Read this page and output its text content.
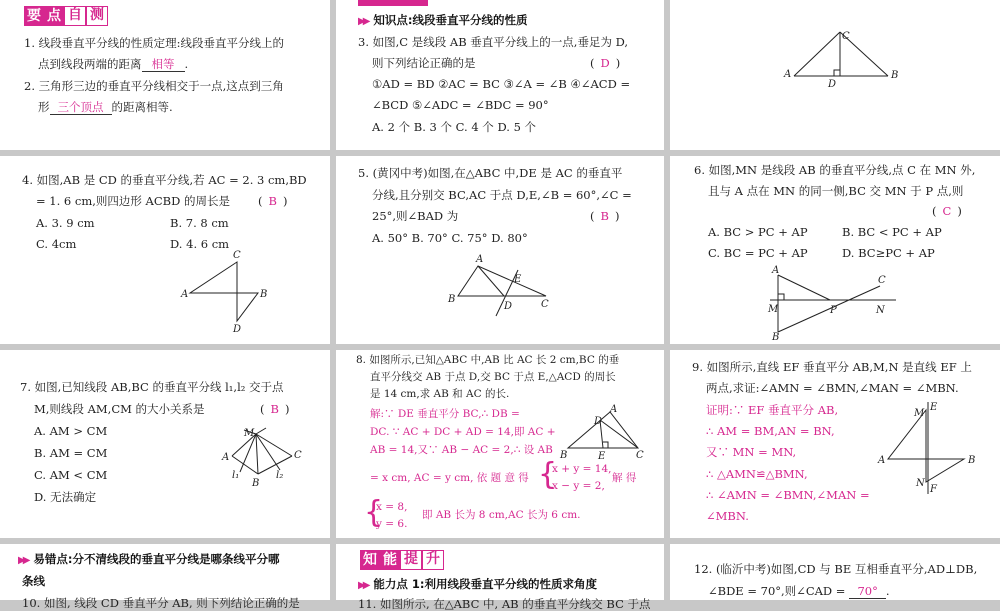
要 点 自 测
1. 线段垂直平分线的性质定理:线段垂直平分线上的
点到线段两端的距离 相等 .
2. 三角形三边的垂直平分线相交于一点,这点到三角
形 三个顶点 的距离相等.
▶▶ 知识点:线段垂直平分线的性质
3. 如图,C 是线段 AB 垂直平分线上的一点,垂足为 D,
则下列结论正确的是	( D )
①AD = BD ②AC = BC ③∠A = ∠B ④∠ACD =
∠BCD ⑤∠ADC = ∠BDC = 90°
A. 2 个 B. 3 个 C. 4 个 D. 5 个
C
A
D
B
4. 如图,AB 是 CD 的垂直平分线,若 AC = 2. 3 cm,BD
= 1. 6 cm,则四边形 ACBD 的周长是 ( B )
A. 3. 9 cm	B. 7. 8 cm
C. 4cm	D. 4. 6 cm
C
A	B
D
5. (黄冈中考)如图,在△ABC 中,DE 是 AC 的垂直平
分线,且分别交 BC,AC 于点 D,E,∠B = 60°,∠C =
25°,则∠BAD 为	( B )
A. 50° B. 70° C. 75° D. 80°
A
E
B
D	C
6. 如图,MN 是线段 AB 的垂直平分线,点 C 在 MN 外,
且与 A 点在 MN 的同一侧,BC 交 MN 于 P 点,则
( C )
A. BC > PC + AP	B. BC < PC + AP
C. BC = PC + AP	D. BC≥PC + AP
A
C
M	P	N
B
7. 如图,已知线段 AB,BC 的垂直平分线 l₁,l₂ 交于点
M,则线段 AM,CM 的大小关系是	( B )
A. AM > CM
B. AM = CM
C. AM < CM
D. 无法确定
M
A	C
l₁
B
l₂
8. 如图所示,已知△ABC 中,AB 比 AC 长 2 cm,BC 的垂
直平分线交 AB 于点 D,交 BC 于点 E,△ACD 的周长
是 14 cm,求 AB 和 AC 的长.
解:∵ DE 垂直平分 BC,∴ DB =
DC. ∵ AC + DC + AD = 14,即 AC +
AB = 14,又∵ AB − AC = 2,∴ 设 AB
= x cm, AC = y cm, 依 题 意 得 {
x + y = 14,
x − y = 2,
解 得
{
x = 8,
y = 6.
即 AB 长为 8 cm,AC 长为 6 cm.
D
A
B	E	C
9. 如图所示,直线 EF 垂直平分 AB,M,N 是直线 EF 上
两点,求证:∠AMN = ∠BMN,∠MAN = ∠MBN.
证明:∵ EF 垂直平分 AB,
∴ AM = BM,AN = BN,
又∵ MN = MN,
∴ △AMN≌△BMN,
∴ ∠AMN = ∠BMN,∠MAN =
∠MBN.
M
E
A	B
N
F
▶▶ 易错点:分不清线段的垂直平分线是哪条线平分哪
条线
10. 如图, 线段 CD 垂直平分 AB, 则下列结论正确的是
知 能 提 升
▶▶ 能力点 1:利用线段垂直平分线的性质求角度
11. 如图所示, 在△ABC 中, AB 的垂直平分线交 BC 于点
12. (临沂中考)如图,CD 与 BE 互相垂直平分,AD⊥DB,
∠BDE = 70°,则∠CAD = 70° .
